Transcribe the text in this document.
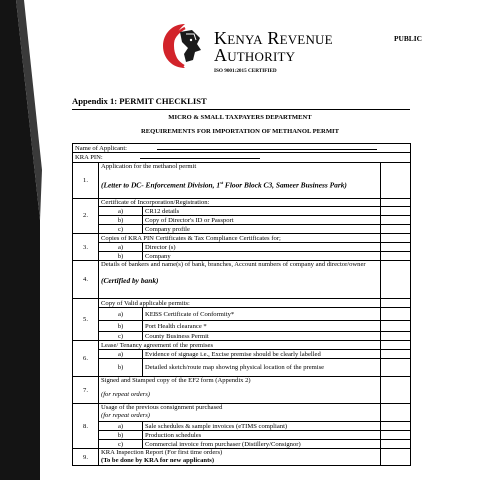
Kenya Revenue
Authority
ISO 9001:2015 CERTIFIED
PUBLIC
Appendix 1: PERMIT CHECKLIST
MICRO & SMALL TAXPAYERS DEPARTMENT
REQUIREMENTS FOR IMPORTATION OF METHANOL PERMIT
Name of Applicant:			
KRA PIN:			
1.	Application for the methanol permit
(Letter to DC- Enforcement Division, 1st Floor Block C3, Sameer Business Park)		

2.	Certificate of Incorporation/Registration:		
	a)	CR12 details	
	b)	Copy of Director's ID or Passport	
	c)	Company profile	
3.	Copies of KRA PIN Certificates & Tax Compliance Certificates for;		
	a)	Director (s)	
	b)	Company	
4.	Details of bankers and name(s) of bank, branches, Account numbers of company and director/owner
(Certified by bank)		

5.	Copy of Valid applicable permits:		
	a)	KEBS Certificate of Conformity*	
	b)	Port Health clearance *	
	c)	County Business Permit	
6.	Lease/ Tenancy agreement of the premises		
	a)	Evidence of signage i.e., Excise premise should be clearly labelled	
	b)	Detailed sketch/route map showing physical location of the premise	
7.	Signed and Stamped copy of the EF2 form (Appendix 2)
(for repeat orders)		

8.	Usage of the previous consignment purchased
(for repeat orders)		

	a)	Sale schedules & sample invoices (eTIMS compliant)	
	b)	Production schedules	
	c)	Commercial invoice from purchaser (Distillery/Consignor)	
9.	KRA Inspection Report (For first time orders)
(To be done by KRA for new applicants)		
